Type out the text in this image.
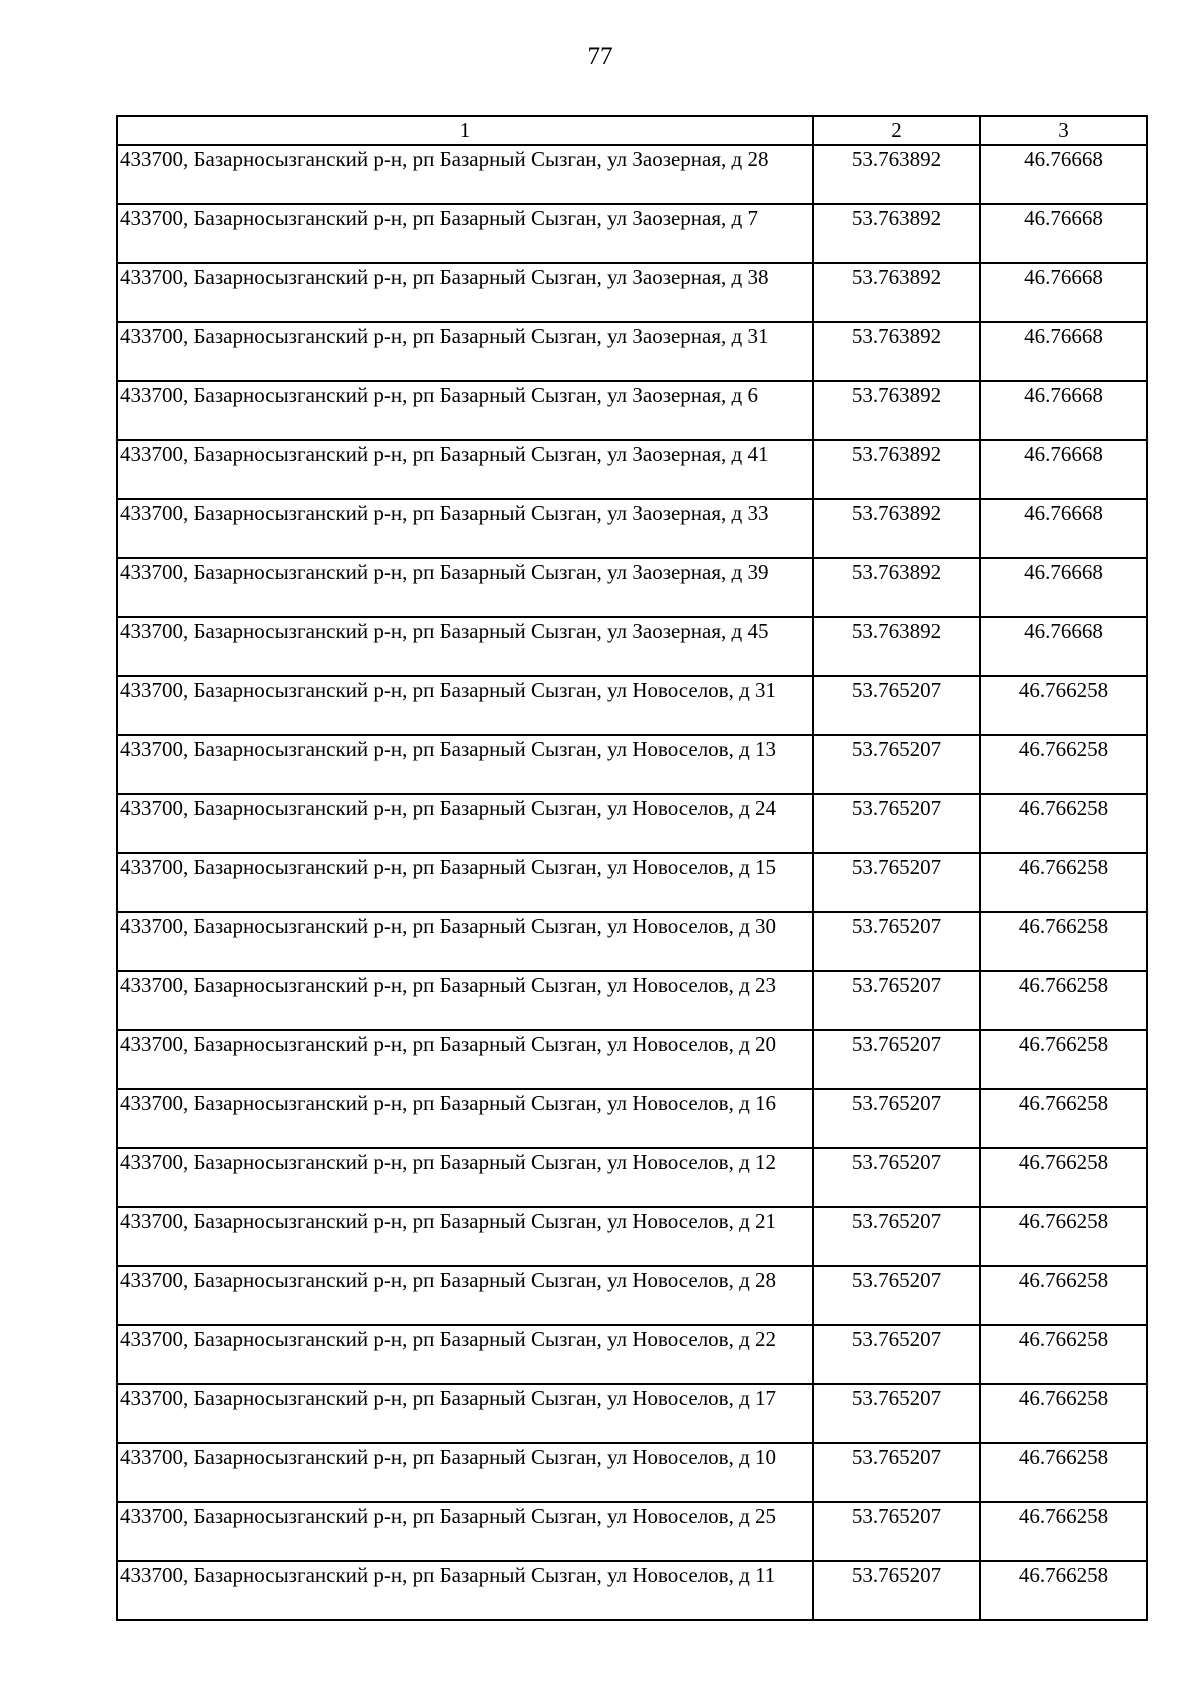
77
1	2	3
433700, Базарносызганский р-н, рп Базарный Сызган, ул Заозерная, д 28	53.763892	46.76668
433700, Базарносызганский р-н, рп Базарный Сызган, ул Заозерная, д 7	53.763892	46.76668
433700, Базарносызганский р-н, рп Базарный Сызган, ул Заозерная, д 38	53.763892	46.76668
433700, Базарносызганский р-н, рп Базарный Сызган, ул Заозерная, д 31	53.763892	46.76668
433700, Базарносызганский р-н, рп Базарный Сызган, ул Заозерная, д 6	53.763892	46.76668
433700, Базарносызганский р-н, рп Базарный Сызган, ул Заозерная, д 41	53.763892	46.76668
433700, Базарносызганский р-н, рп Базарный Сызган, ул Заозерная, д 33	53.763892	46.76668
433700, Базарносызганский р-н, рп Базарный Сызган, ул Заозерная, д 39	53.763892	46.76668
433700, Базарносызганский р-н, рп Базарный Сызган, ул Заозерная, д 45	53.763892	46.76668
433700, Базарносызганский р-н, рп Базарный Сызган, ул Новоселов, д 31	53.765207	46.766258
433700, Базарносызганский р-н, рп Базарный Сызган, ул Новоселов, д 13	53.765207	46.766258
433700, Базарносызганский р-н, рп Базарный Сызган, ул Новоселов, д 24	53.765207	46.766258
433700, Базарносызганский р-н, рп Базарный Сызган, ул Новоселов, д 15	53.765207	46.766258
433700, Базарносызганский р-н, рп Базарный Сызган, ул Новоселов, д 30	53.765207	46.766258
433700, Базарносызганский р-н, рп Базарный Сызган, ул Новоселов, д 23	53.765207	46.766258
433700, Базарносызганский р-н, рп Базарный Сызган, ул Новоселов, д 20	53.765207	46.766258
433700, Базарносызганский р-н, рп Базарный Сызган, ул Новоселов, д 16	53.765207	46.766258
433700, Базарносызганский р-н, рп Базарный Сызган, ул Новоселов, д 12	53.765207	46.766258
433700, Базарносызганский р-н, рп Базарный Сызган, ул Новоселов, д 21	53.765207	46.766258
433700, Базарносызганский р-н, рп Базарный Сызган, ул Новоселов, д 28	53.765207	46.766258
433700, Базарносызганский р-н, рп Базарный Сызган, ул Новоселов, д 22	53.765207	46.766258
433700, Базарносызганский р-н, рп Базарный Сызган, ул Новоселов, д 17	53.765207	46.766258
433700, Базарносызганский р-н, рп Базарный Сызган, ул Новоселов, д 10	53.765207	46.766258
433700, Базарносызганский р-н, рп Базарный Сызган, ул Новоселов, д 25	53.765207	46.766258
433700, Базарносызганский р-н, рп Базарный Сызган, ул Новоселов, д 11	53.765207	46.766258
